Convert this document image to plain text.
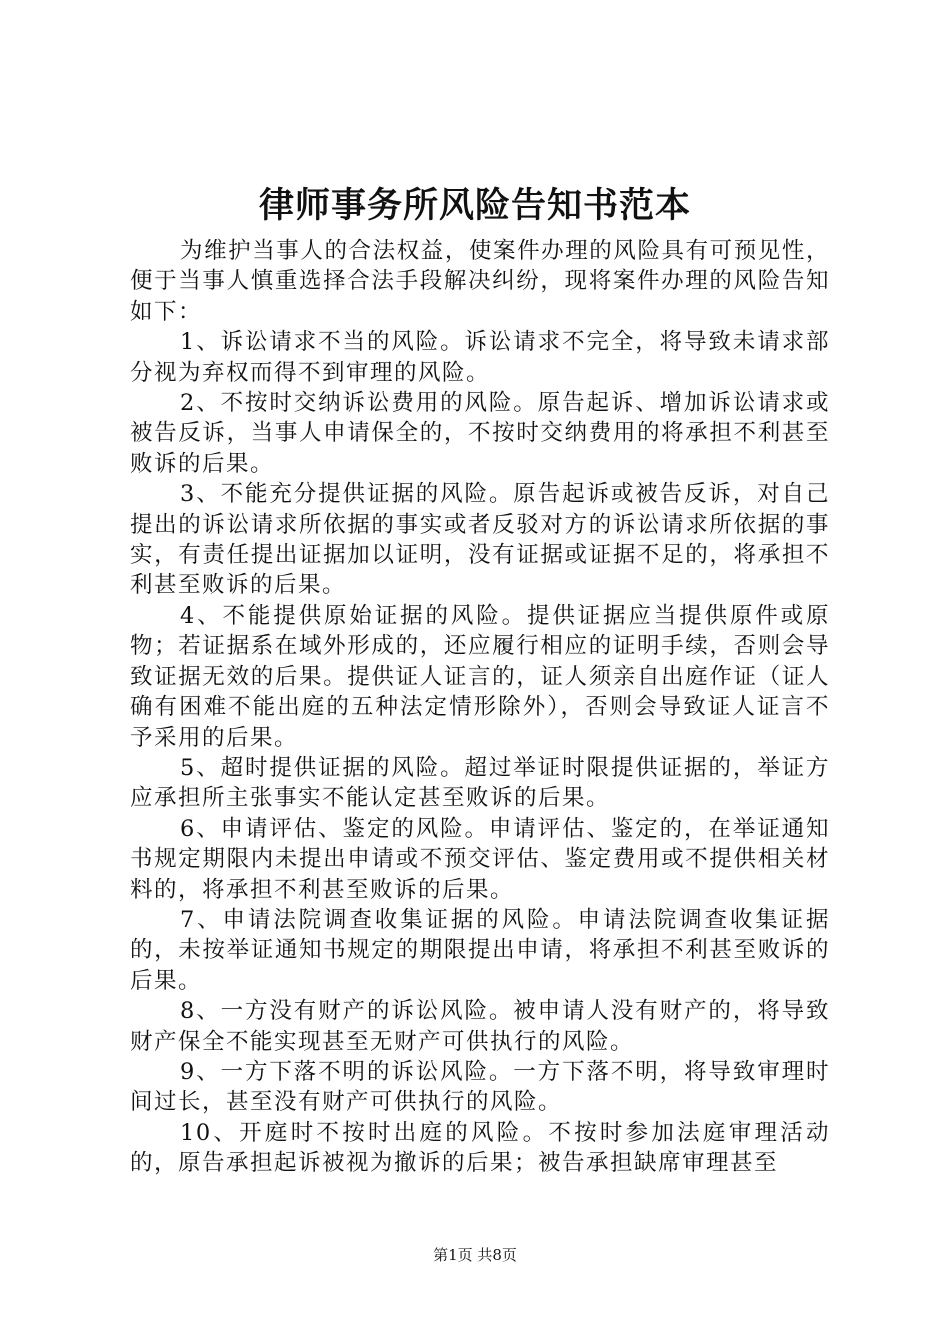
律师事务所风险告知书范本

为维护当事人的合法权益，使案件办理的风险具有可预见性，便于当事人慎重选择合法手段解决纠纷，现将案件办理的风险告知如下：

1、诉讼请求不当的风险。诉讼请求不完全，将导致未请求部分视为弃权而得不到审理的风险。

2、不按时交纳诉讼费用的风险。原告起诉、增加诉讼请求或被告反诉，当事人申请保全的，不按时交纳费用的将承担不利甚至败诉的后果。

3、不能充分提供证据的风险。原告起诉或被告反诉，对自己提出的诉讼请求所依据的事实或者反驳对方的诉讼请求所依据的事实，有责任提出证据加以证明，没有证据或证据不足的，将承担不利甚至败诉的后果。

4、不能提供原始证据的风险。提供证据应当提供原件或原物；若证据系在域外形成的，还应履行相应的证明手续，否则会导致证据无效的后果。提供证人证言的，证人须亲自出庭作证（证人确有困难不能出庭的五种法定情形除外），否则会导致证人证言不予采用的后果。

5、超时提供证据的风险。超过举证时限提供证据的，举证方应承担所主张事实不能认定甚至败诉的后果。

6、申请评估、鉴定的风险。申请评估、鉴定的，在举证通知书规定期限内未提出申请或不预交评估、鉴定费用或不提供相关材料的，将承担不利甚至败诉的后果。

7、申请法院调查收集证据的风险。申请法院调查收集证据的，未按举证通知书规定的期限提出申请，将承担不利甚至败诉的后果。

8、一方没有财产的诉讼风险。被申请人没有财产的，将导致财产保全不能实现甚至无财产可供执行的风险。

9、一方下落不明的诉讼风险。一方下落不明，将导致审理时间过长，甚至没有财产可供执行的风险。

10、开庭时不按时出庭的风险。不按时参加法庭审理活动的，原告承担起诉被视为撤诉的后果；被告承担缺席审理甚至

第1页 共8页
